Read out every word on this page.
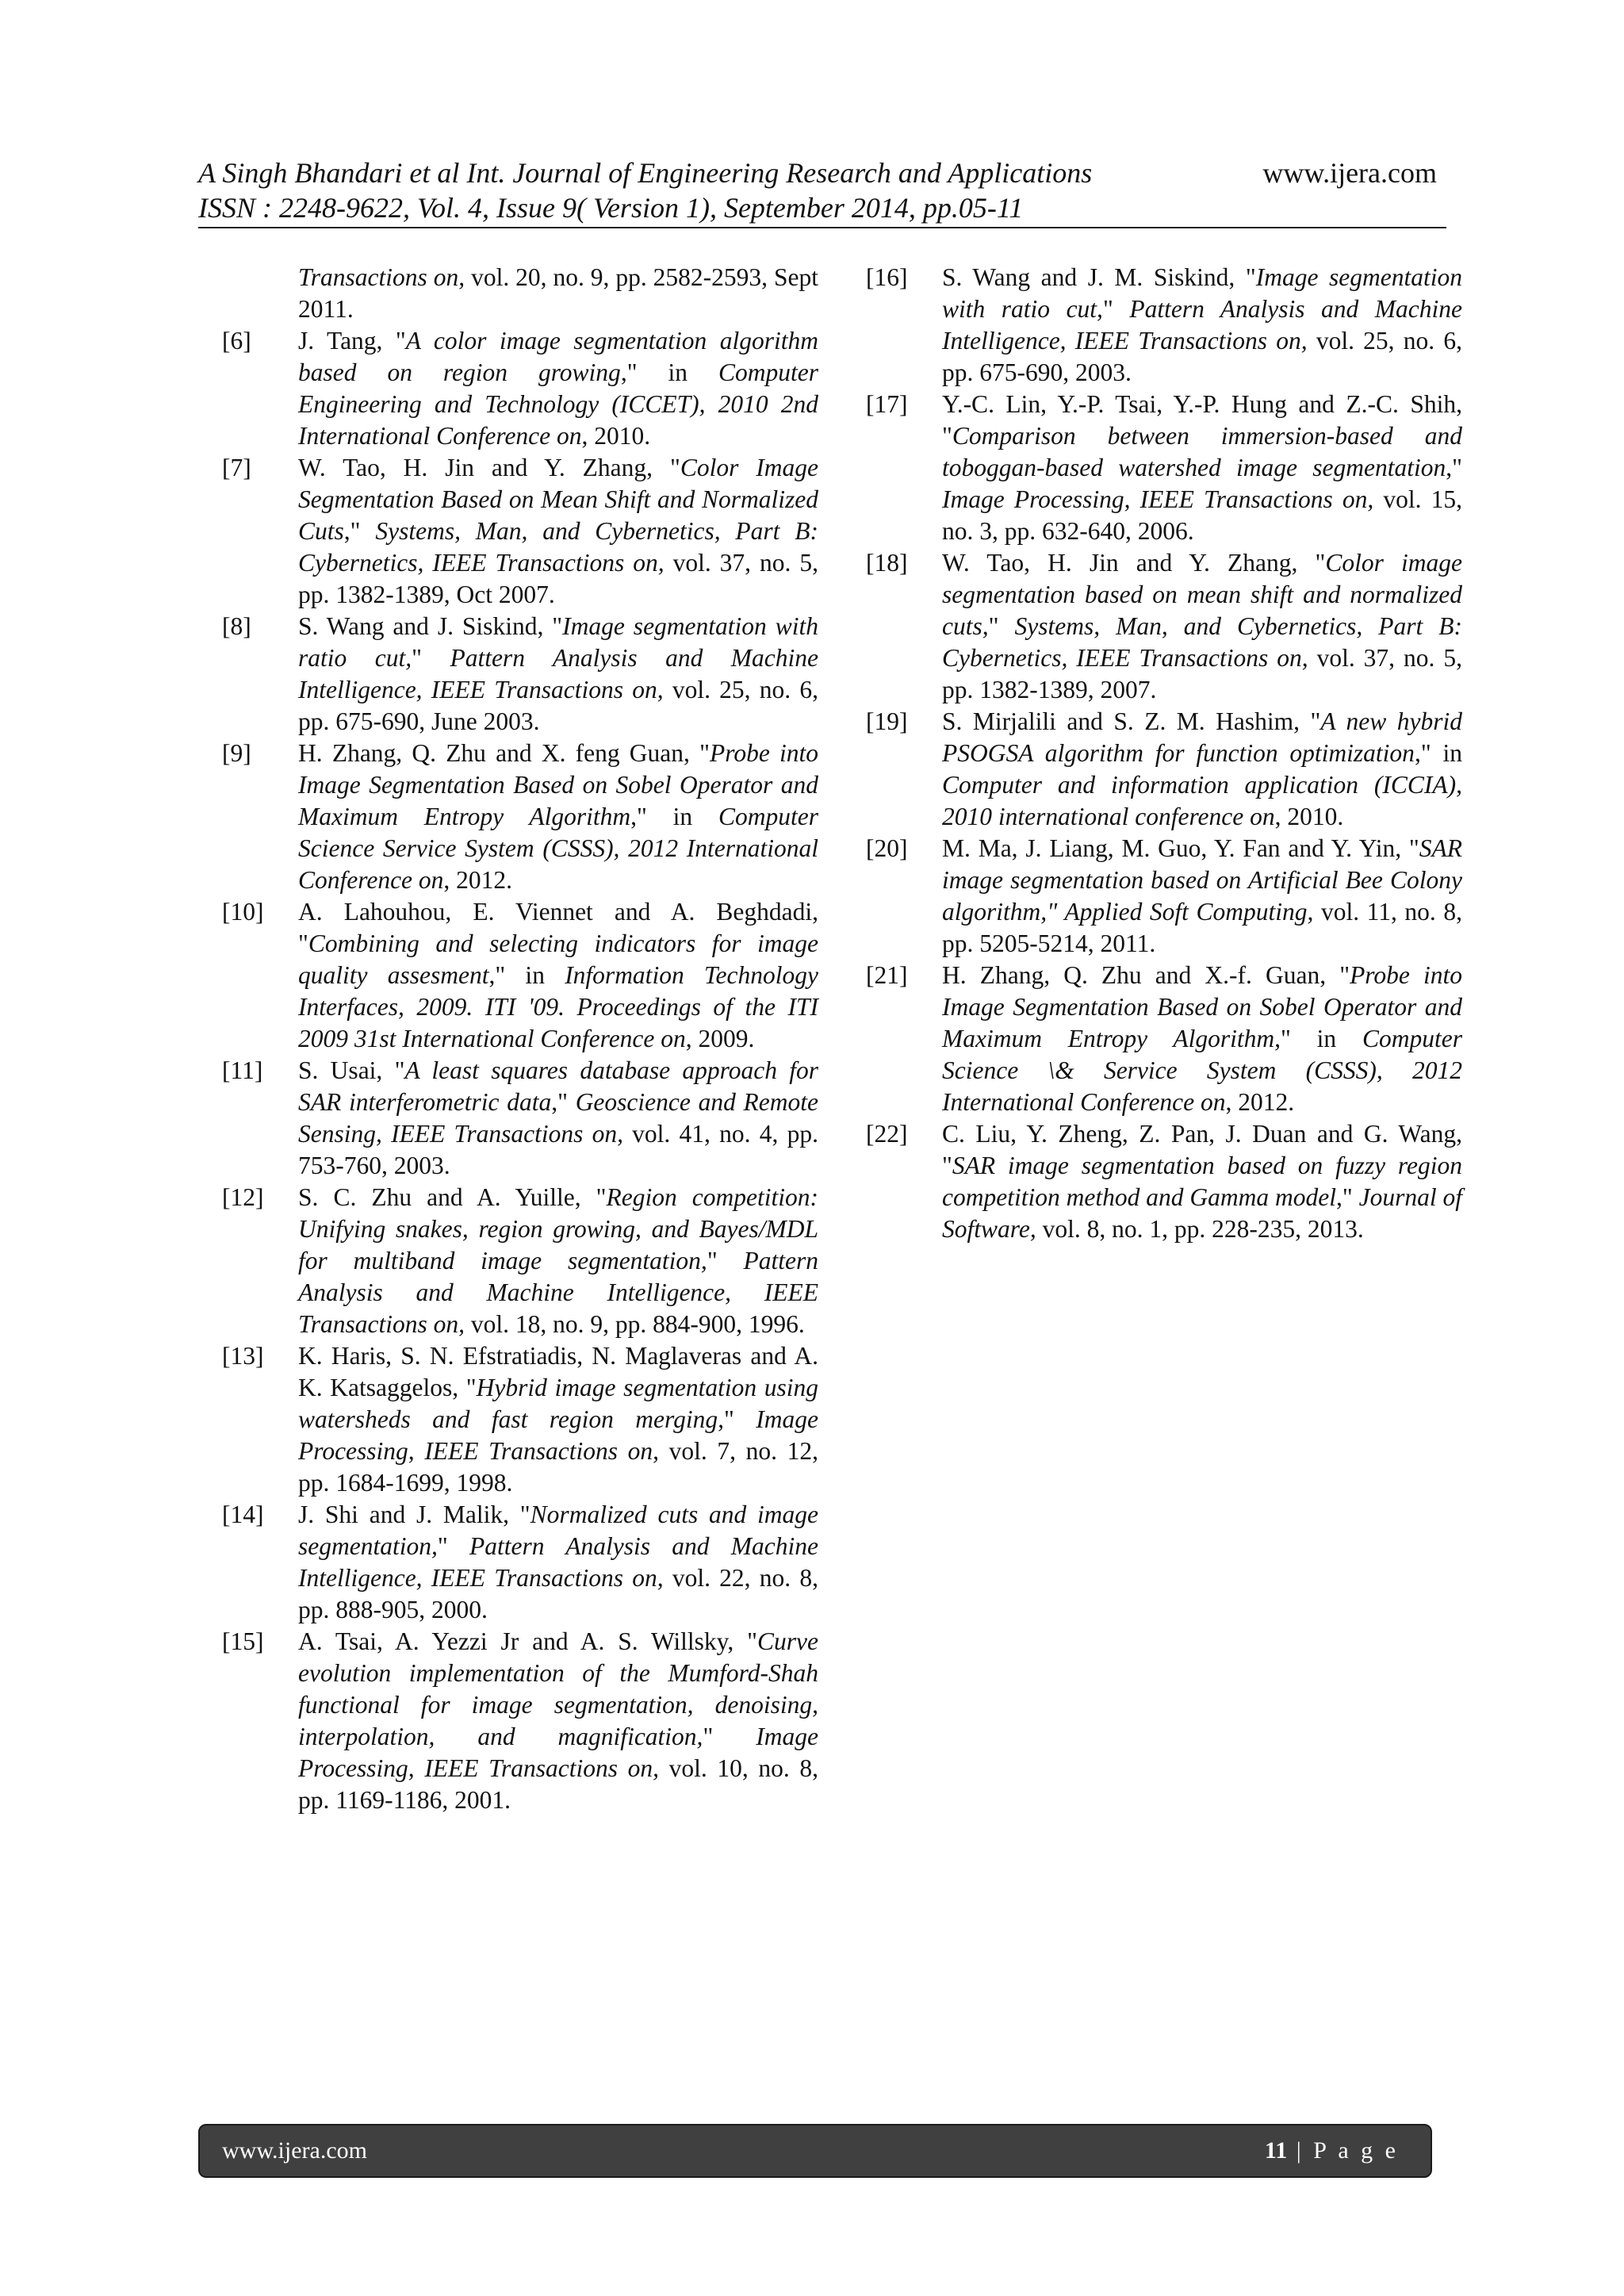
A Singh Bhandari et al Int. Journal of Engineering Research and Applications	www.ijera.com
ISSN : 2248-9622, Vol. 4, Issue 9( Version 1), September 2014, pp.05-11
Transactions on, vol. 20, no. 9, pp. 2582-2593, Sept 2011.
[6] J. Tang, "A color image segmentation algorithm based on region growing," in Computer Engineering and Technology (ICCET), 2010 2nd International Conference on, 2010.
[7] W. Tao, H. Jin and Y. Zhang, "Color Image Segmentation Based on Mean Shift and Normalized Cuts," Systems, Man, and Cybernetics, Part B: Cybernetics, IEEE Transactions on, vol. 37, no. 5, pp. 1382-1389, Oct 2007.
[8] S. Wang and J. Siskind, "Image segmentation with ratio cut," Pattern Analysis and Machine Intelligence, IEEE Transactions on, vol. 25, no. 6, pp. 675-690, June 2003.
[9] H. Zhang, Q. Zhu and X. feng Guan, "Probe into Image Segmentation Based on Sobel Operator and Maximum Entropy Algorithm," in Computer Science Service System (CSSS), 2012 International Conference on, 2012.
[10] A. Lahouhou, E. Viennet and A. Beghdadi, "Combining and selecting indicators for image quality assesment," in Information Technology Interfaces, 2009. ITI '09. Proceedings of the ITI 2009 31st International Conference on, 2009.
[11] S. Usai, "A least squares database approach for SAR interferometric data," Geoscience and Remote Sensing, IEEE Transactions on, vol. 41, no. 4, pp. 753-760, 2003.
[12] S. C. Zhu and A. Yuille, "Region competition: Unifying snakes, region growing, and Bayes/MDL for multiband image segmentation," Pattern Analysis and Machine Intelligence, IEEE Transactions on, vol. 18, no. 9, pp. 884-900, 1996.
[13] K. Haris, S. N. Efstratiadis, N. Maglaveras and A. K. Katsaggelos, "Hybrid image segmentation using watersheds and fast region merging," Image Processing, IEEE Transactions on, vol. 7, no. 12, pp. 1684-1699, 1998.
[14] J. Shi and J. Malik, "Normalized cuts and image segmentation," Pattern Analysis and Machine Intelligence, IEEE Transactions on, vol. 22, no. 8, pp. 888-905, 2000.
[15] A. Tsai, A. Yezzi Jr and A. S. Willsky, "Curve evolution implementation of the Mumford-Shah functional for image segmentation, denoising, interpolation, and magnification," Image Processing, IEEE Transactions on, vol. 10, no. 8, pp. 1169-1186, 2001.
[16] S. Wang and J. M. Siskind, "Image segmentation with ratio cut," Pattern Analysis and Machine Intelligence, IEEE Transactions on, vol. 25, no. 6, pp. 675-690, 2003.
[17] Y.-C. Lin, Y.-P. Tsai, Y.-P. Hung and Z.-C. Shih, "Comparison between immersion-based and toboggan-based watershed image segmentation," Image Processing, IEEE Transactions on, vol. 15, no. 3, pp. 632-640, 2006.
[18] W. Tao, H. Jin and Y. Zhang, "Color image segmentation based on mean shift and normalized cuts," Systems, Man, and Cybernetics, Part B: Cybernetics, IEEE Transactions on, vol. 37, no. 5, pp. 1382-1389, 2007.
[19] S. Mirjalili and S. Z. M. Hashim, "A new hybrid PSOGSA algorithm for function optimization," in Computer and information application (ICCIA), 2010 international conference on, 2010.
[20] M. Ma, J. Liang, M. Guo, Y. Fan and Y. Yin, "SAR image segmentation based on Artificial Bee Colony algorithm," Applied Soft Computing, vol. 11, no. 8, pp. 5205-5214, 2011.
[21] H. Zhang, Q. Zhu and X.-f. Guan, "Probe into Image Segmentation Based on Sobel Operator and Maximum Entropy Algorithm," in Computer Science \& Service System (CSSS), 2012 International Conference on, 2012.
[22] C. Liu, Y. Zheng, Z. Pan, J. Duan and G. Wang, "SAR image segmentation based on fuzzy region competition method and Gamma model," Journal of Software, vol. 8, no. 1, pp. 228-235, 2013.
www.ijera.com	11 | P a g e
